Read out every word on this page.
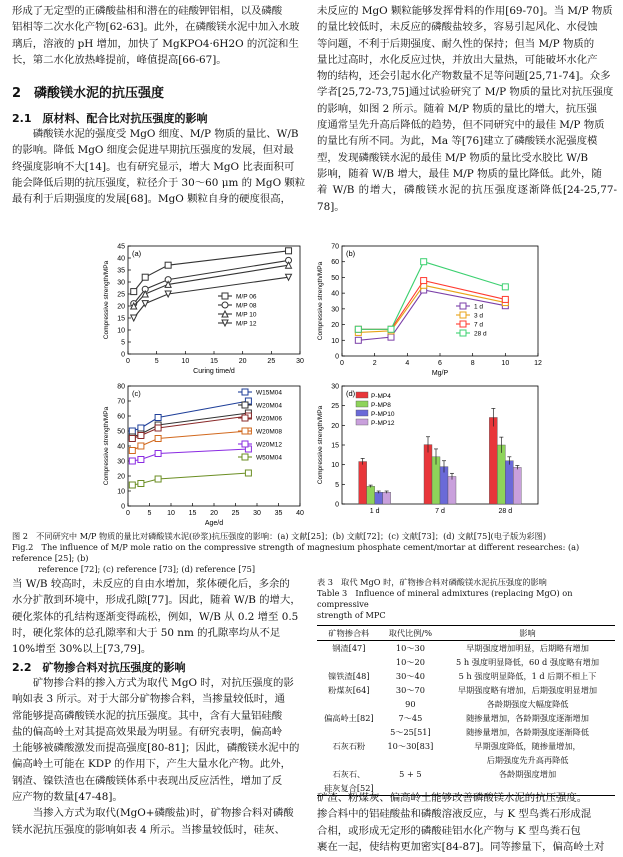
形成了无定型的正磷酸盐相和潜在的硅酸钾铝相，以及磷酸
铝相等二次水化产物[62-63]。此外，在磷酸镁水泥中加入水玻
璃后，溶液的 pH 增加，加快了 MgKPO4·6H2O 的沉淀和生
长，第二水化放热峰提前，峰值提高[66-67]。
2　磷酸镁水泥的抗压强度
2.1　原材料、配合比对抗压强度的影响
磷酸镁水泥的强度受 MgO 细度、M/P 物质的量比、W/B
的影响。降低 MgO 细度会促进早期抗压强度的发展，但对最
终强度影响不大[14]。也有研究显示，增大 MgO 比表面积可
能会降低后期的抗压强度，粒径介于 30～60 μm 的 MgO 颗粒
最有利于后期强度的发展[68]。MgO 颗粒自身的硬度很高，
未反应的 MgO 颗粒能够发挥骨料的作用[69-70]。当 M/P 物质
的量比较低时，未反应的磷酸盐较多，容易引起风化、水侵蚀
等问题，不利于后期强度、耐久性的保持；但当 M/P 物质的
量比过高时，水化反应过快，并放出大量热，可能破坏水化产
物的结构，还会引起水化产物数量不足等问题[25,71-74]。众多
学者[25,72-73,75]通过试验研究了 M/P 物质的量比对抗压强度
的影响，如图 2 所示。随着 M/P 物质的量比的增大，抗压强
度通常呈先升高后降低的趋势，但不同研究中的最佳 M/P 物质
的量比有所不同。为此，Ma 等[76]建立了磷酸镁水泥强度模
型，发现磷酸镁水泥的最佳 M/P 物质的量比受水胶比 W/B
影响，随着 W/B 增大，最佳 M/P 物质的量比降低。此外，随
着 W/B 的增大，磷酸镁水泥的抗压强度逐渐降低[24-25,77-78]。
0
5
10
15
20
25
30
35
40
45
0	5	10	15	20	25	30
Compressive strength/MPa
Curing time/d
(a)
M/P 06
M/P 08
M/P 10
M/P 12
0
10
20
30
40
50
60
70
0	2	4	6	8	10	12
Compressive strength/MPa
Mg/P
(b)
1 d
3 d
7 d
28 d
0
10
20
30
40
50
60
70
80
0	5 10 15 20 25 30 35 40
Compressive strength/MPa
Age/d
(c)	W15M04
W20M04
W20M06
W20M08
W20M12
W50M04
0
5
10
15
20
25
30
Compressive strength/MPa
(d)
1 d	7 d	28 d
P-MP4
P-MP8
P-MP10
P-MP12
图 2　不同研究中 M/P 物质的量比对磷酸镁水泥(砂浆)抗压强度的影响：(a) 文献[25]；(b) 文献[72]；(c) 文献[73]；(d) 文献[75](电子版为彩图)
Fig.2　The influence of M/P mole ratio on the compressive strength of magnesium phosphate cement/mortar at different researches: (a) reference [25]; (b)
reference [72]; (c) reference [73]; (d) reference [75]
当 W/B 较高时，未反应的自由水增加，浆体硬化后，多余的
水分扩散到环境中，形成孔隙[77]。因此，随着 W/B 的增大，
硬化浆体的孔结构逐渐变得疏松，例如，W/B 从 0.2 增至 0.5
时，硬化浆体的总孔隙率和大于 50 nm 的孔隙率均从不足
10%增至 30%以上[73,79]。
2.2　矿物掺合料对抗压强度的影响
矿物掺合料的掺入方式为取代 MgO 时，对抗压强度的影
响如表 3 所示。对于大部分矿物掺合料，当掺量较低时，通
常能够提高磷酸镁水泥的抗压强度。其中，含有大量铝硅酸
盐的偏高岭土对其提高效果最为明显。有研究表明，偏高岭
土能够被磷酸激发而提高强度[80-81]；因此，磷酸镁水泥中的
偏高岭土可能在 KDP 的作用下，产生大量水化产物。此外，
钢渣、镍铁渣也在磷酸镁体系中表现出反应活性，增加了反
应产物的数量[47-48]。
当掺入方式为取代(MgO+磷酸盐)时，矿物掺合料对磷酸
镁水泥抗压强度的影响如表 4 所示。当掺量较低时，硅灰、
表 3　取代 MgO 时，矿物掺合料对磷酸镁水泥抗压强度的影响
Table 3　Influence of mineral admixtures (replacing MgO) on compressive
strength of MPC
矿物掺合料	取代比例/%	影响
钢渣[47]	10～30	早期强度增加明显，后期略有增加
	10～20	5 h 强度明显降低，60 d 强度略有增加
镍铁渣[48]	30～40	5 h 强度明显降低，1 d 后期不相上下
粉煤灰[64]	30～70	早期强度略有增加，后期强度明显增加
	90	各龄期强度大幅度降低
偏高岭土[82]	7～45	随掺量增加，各龄期强度逐渐增加
	5～25[51]	随掺量增加，各龄期强度逐渐降低
石灰石粉	10～30[83]	早期强度降低，随掺量增加，
		后期强度先升高再降低
石灰石、	5 + 5	各龄期强度增加
硅灰复合[52]		
矿渣、粉煤灰、偏高岭土能够改善磷酸镁水泥的抗压强度。
掺合料中的铝硅酸盐和磷酸溶液反应，与 K 型鸟粪石形成混
合相，或形成无定形的磷酸硅铝水化产物与 K 型鸟粪石包
裹在一起，使结构更加密实[84-87]。同等掺量下，偏高岭土对
